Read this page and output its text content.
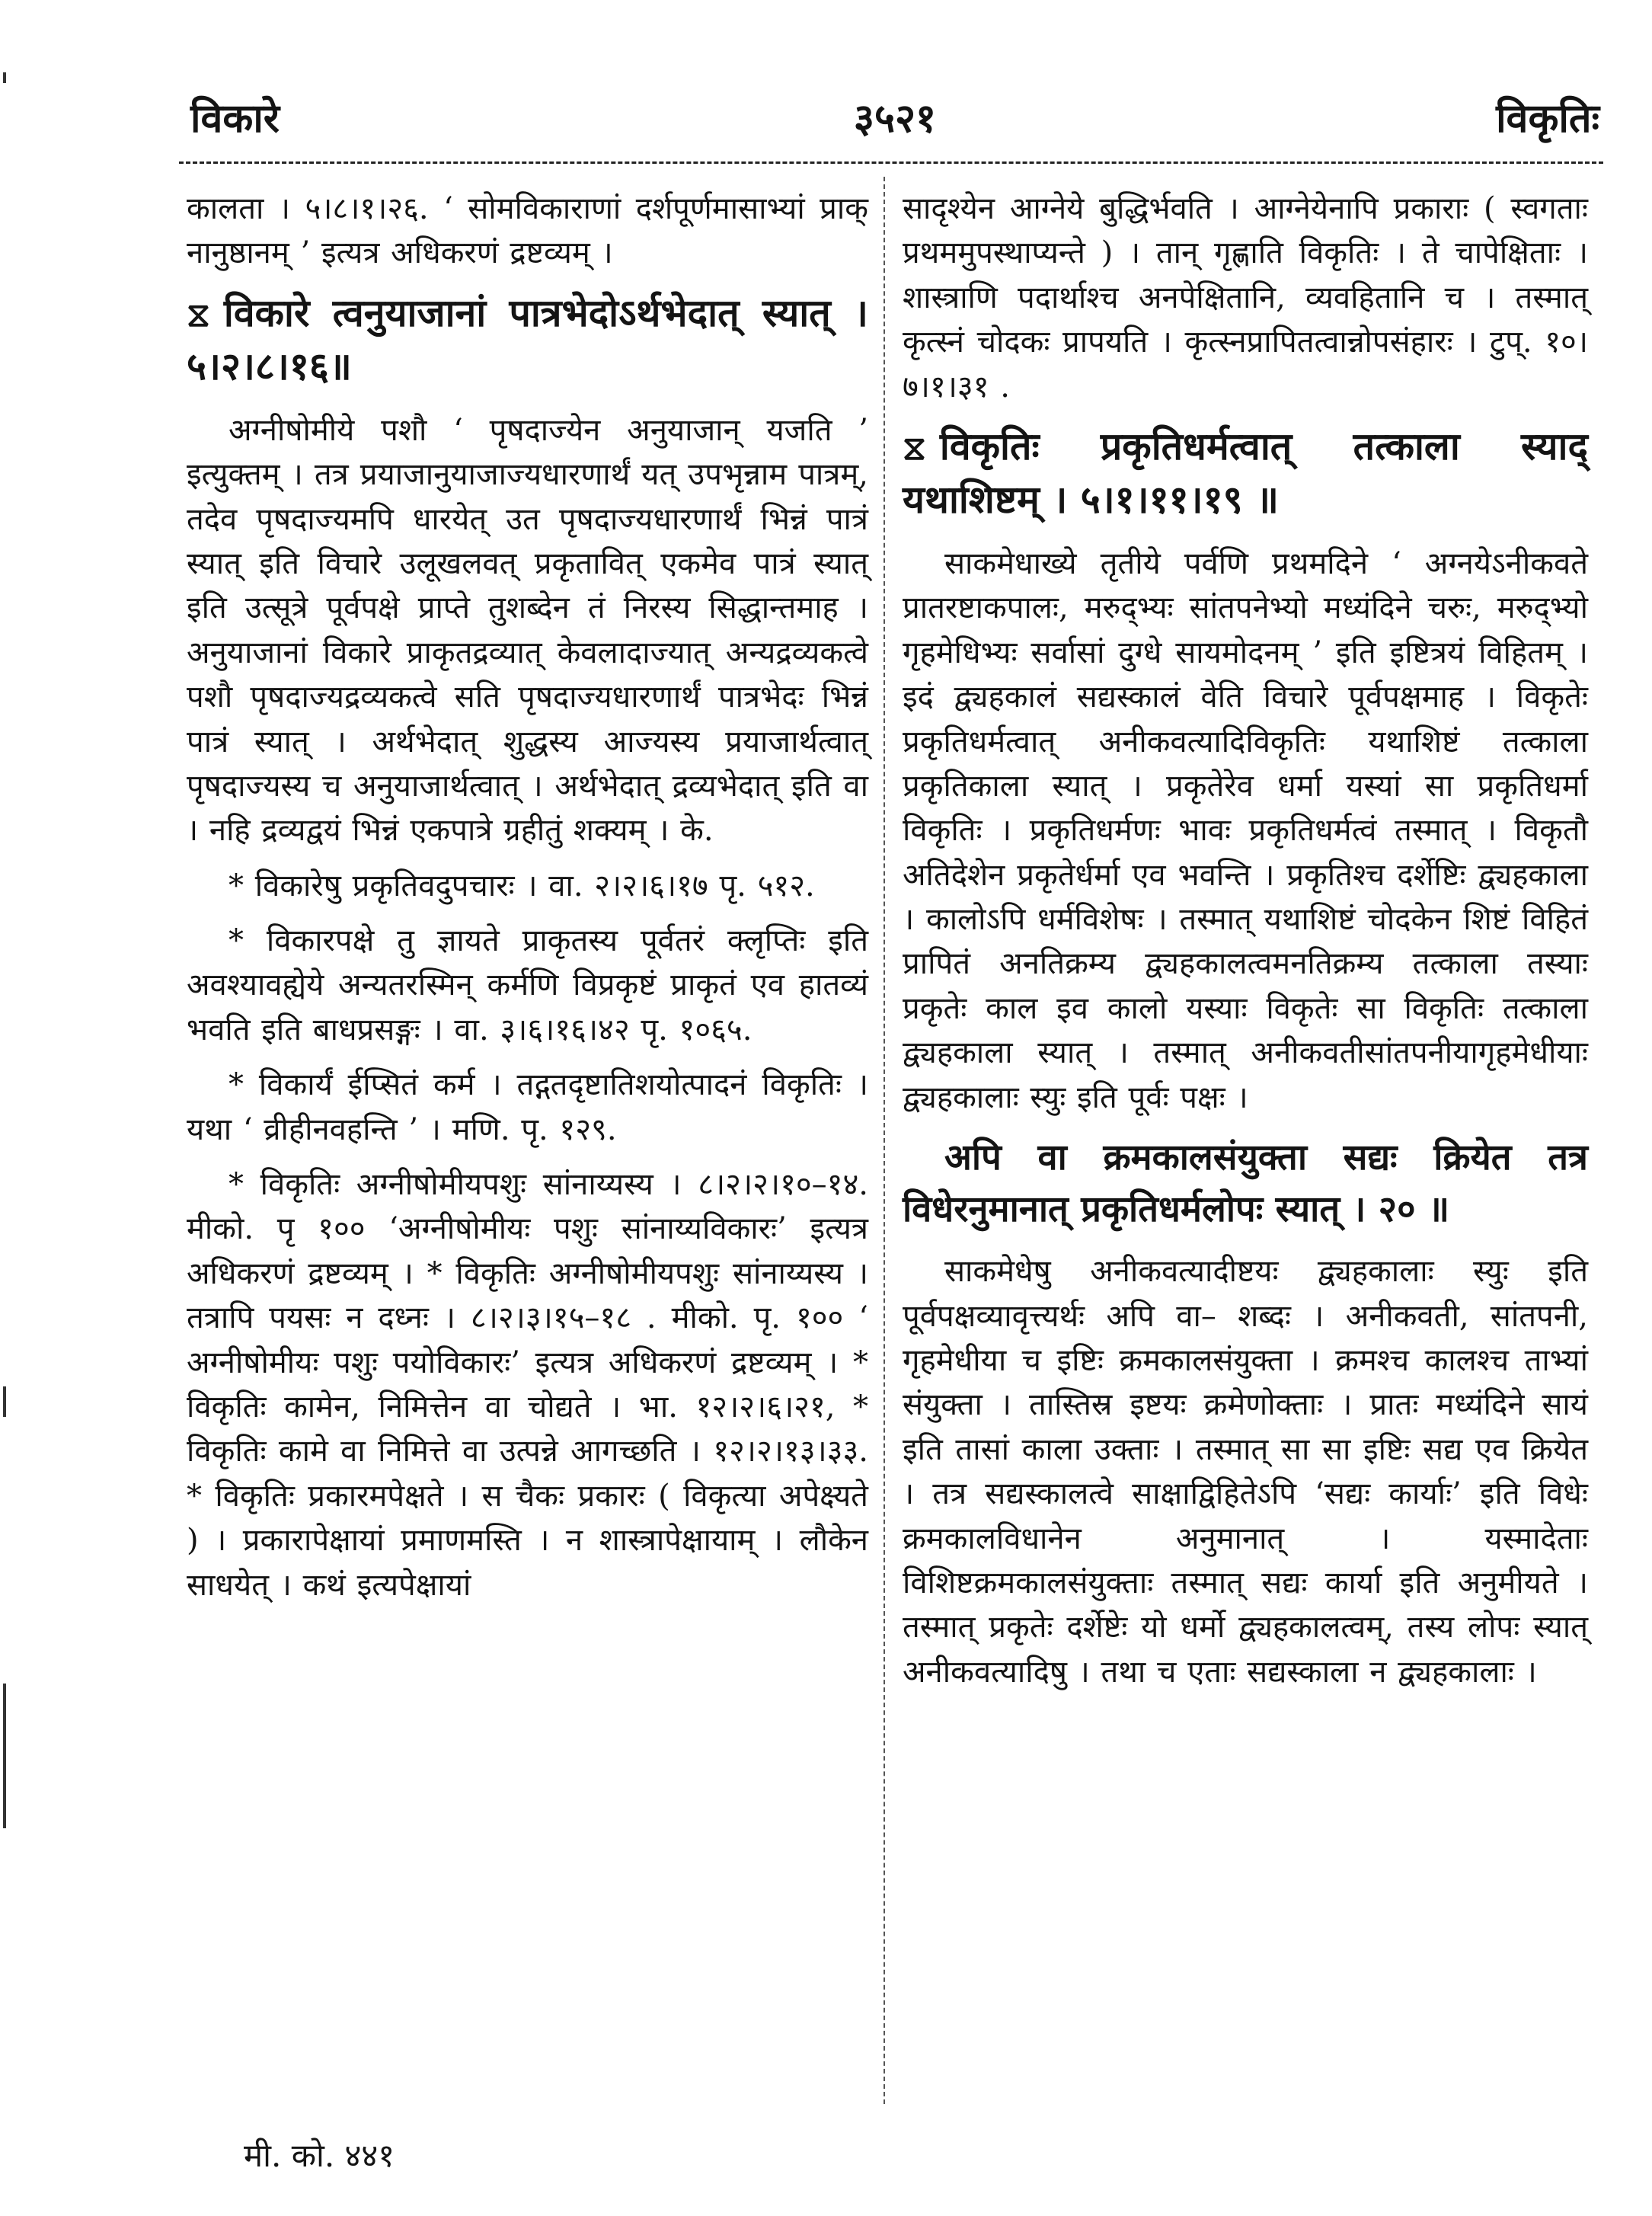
विकारे	३५२१	विकृतिः

कालता । ५।८।१।२६. ‘ सोमविकाराणां दर्शपूर्णमासाभ्यां प्राक् नानुष्ठानम् ’ इत्यत्र अधिकरणं द्रष्टव्यम् ।

⧖ विकारे त्वनुयाजानां पात्रभेदोऽर्थभेदात् स्यात् । ५।२।८।१६॥

अग्नीषोमीये पशौ ‘ पृषदाज्येन अनुयाजान् यजति ’ इत्युक्तम् । तत्र प्रयाजानुयाजाज्यधारणार्थं यत् उपभृन्नाम पात्रम्, तदेव पृषदाज्यमपि धारयेत् उत पृषदाज्यधारणार्थं भिन्नं पात्रं स्यात् इति विचारे उलूखलवत् प्रकृतावित् एकमेव पात्रं स्यात् इति उत्सूत्रे पूर्वपक्षे प्राप्ते तुशब्देन तं निरस्य सिद्धान्तमाह । अनुयाजानां विकारे प्राकृतद्रव्यात् केवलादाज्यात् अन्यद्रव्यकत्वे पशौ पृषदाज्यद्रव्यकत्वे सति पृषदाज्यधारणार्थं पात्रभेदः भिन्नं पात्रं स्यात् । अर्थभेदात् शुद्धस्य आज्यस्य प्रयाजार्थत्वात् पृषदाज्यस्य च अनुयाजार्थत्वात् । अर्थभेदात् द्रव्यभेदात् इति वा । नहि द्रव्यद्वयं भिन्नं एकपात्रे ग्रहीतुं शक्यम् । के.

* विकारेषु प्रकृतिवदुपचारः । वा. २।२।६।१७ पृ. ५१२.

* विकारपक्षे तु ज्ञायते प्राकृतस्य पूर्वतरं क्लृप्तिः इति अवश्यावह्येये अन्यतरस्मिन् कर्मणि विप्रकृष्टं प्राकृतं एव हातव्यं भवति इति बाधप्रसङ्गः । वा. ३।६।१६।४२ पृ. १०६५.

* विकार्यं ईप्सितं कर्म । तद्गतदृष्टातिशयोत्पादनं विकृतिः । यथा ‘ व्रीहीनवहन्ति ’ । मणि. पृ. १२९.

* विकृतिः अग्नीषोमीयपशुः सांनाय्यस्य । ८।२।२।१०–१४. मीको. पृ १०० ‘अग्नीषोमीयः पशुः सांनाय्यविकारः’ इत्यत्र अधिकरणं द्रष्टव्यम् । * विकृतिः अग्नीषोमीयपशुः सांनाय्यस्य । तत्रापि पयसः न दध्नः । ८।२।३।१५–१८ . मीको. पृ. १०० ‘ अग्नीषोमीयः पशुः पयोविकारः’ इत्यत्र अधिकरणं द्रष्टव्यम् । * विकृतिः कामेन, निमित्तेन वा चोद्यते । भा. १२।२।६।२१, * विकृतिः कामे वा निमित्ते वा उत्पन्ने आगच्छति । १२।२।१३।३३. * विकृतिः प्रकारमपेक्षते । स चैकः प्रकारः ( विकृत्या अपेक्ष्यते ) । प्रकारापेक्षायां प्रमाणमस्ति । न शास्त्रापेक्षायाम् । लौकेन साधयेत् । कथं इत्यपेक्षायां

सादृश्येन आग्नेये बुद्धिर्भवति । आग्नेयेनापि प्रकाराः ( स्वगताः प्रथममुपस्थाप्यन्ते ) । तान् गृह्णाति विकृतिः । ते चापेक्षिताः । शास्त्राणि पदार्थाश्च अनपेक्षितानि, व्यवहितानि च । तस्मात् कृत्स्नं चोदकः प्रापयति । कृत्स्नप्रापितत्वान्नोपसंहारः । टुप्. १०।७।१।३१ .

⧖ विकृतिः प्रकृतिधर्मत्वात् तत्काला स्याद् यथाशिष्टम् । ५।१।११।१९ ॥

साकमेधाख्ये तृतीये पर्वणि प्रथमदिने ‘ अग्नयेऽनीकवते प्रातरष्टाकपालः, मरुद्भ्यः सांतपनेभ्यो मध्यंदिने चरुः, मरुद्भ्यो गृहमेधिभ्यः सर्वासां दुग्धे सायमोदनम् ’ इति इष्टित्रयं विहितम् । इदं द्व्यहकालं सद्यस्कालं वेति विचारे पूर्वपक्षमाह । विकृतेः प्रकृतिधर्मत्वात् अनीकवत्यादिविकृतिः यथाशिष्टं तत्काला प्रकृतिकाला स्यात् । प्रकृतेरेव धर्मा यस्यां सा प्रकृतिधर्मा विकृतिः । प्रकृतिधर्मणः भावः प्रकृतिधर्मत्वं तस्मात् । विकृतौ अतिदेशेन प्रकृतेर्धर्मा एव भवन्ति । प्रकृतिश्च दर्शेष्टिः द्व्यहकाला । कालोऽपि धर्मविशेषः । तस्मात् यथाशिष्टं चोदकेन शिष्टं विहितं प्रापितं अनतिक्रम्य द्व्यहकालत्वमनतिक्रम्य तत्काला तस्याः प्रकृतेः काल इव कालो यस्याः विकृतेः सा विकृतिः तत्काला द्व्यहकाला स्यात् । तस्मात् अनीकवतीसांतपनीयागृहमेधीयाः द्व्यहकालाः स्युः इति पूर्वः पक्षः ।

अपि वा क्रमकालसंयुक्ता सद्यः क्रियेत तत्र विधेरनुमानात् प्रकृतिधर्मलोपः स्यात् । २० ॥

साकमेधेषु अनीकवत्यादीष्टयः द्व्यहकालाः स्युः इति पूर्वपक्षव्यावृत्त्यर्थः अपि वा– शब्दः । अनीकवती, सांतपनी, गृहमेधीया च इष्टिः क्रमकालसंयुक्ता । क्रमश्च कालश्च ताभ्यां संयुक्ता । तास्तिस्र इष्टयः क्रमेणोक्ताः । प्रातः मध्यंदिने सायं इति तासां काला उक्ताः । तस्मात् सा सा इष्टिः सद्य एव क्रियेत । तत्र सद्यस्कालत्वे साक्षाद्विहितेऽपि ‘सद्यः कार्याः’ इति विधेः क्रमकालविधानेन अनुमानात् । यस्मादेताः विशिष्टक्रमकालसंयुक्ताः तस्मात् सद्यः कार्या इति अनुमीयते । तस्मात् प्रकृतेः दर्शेष्टेः यो धर्मो द्व्यहकालत्वम्, तस्य लोपः स्यात् अनीकवत्यादिषु । तथा च एताः सद्यस्काला न द्व्यहकालाः ।

मी. को. ४४१
